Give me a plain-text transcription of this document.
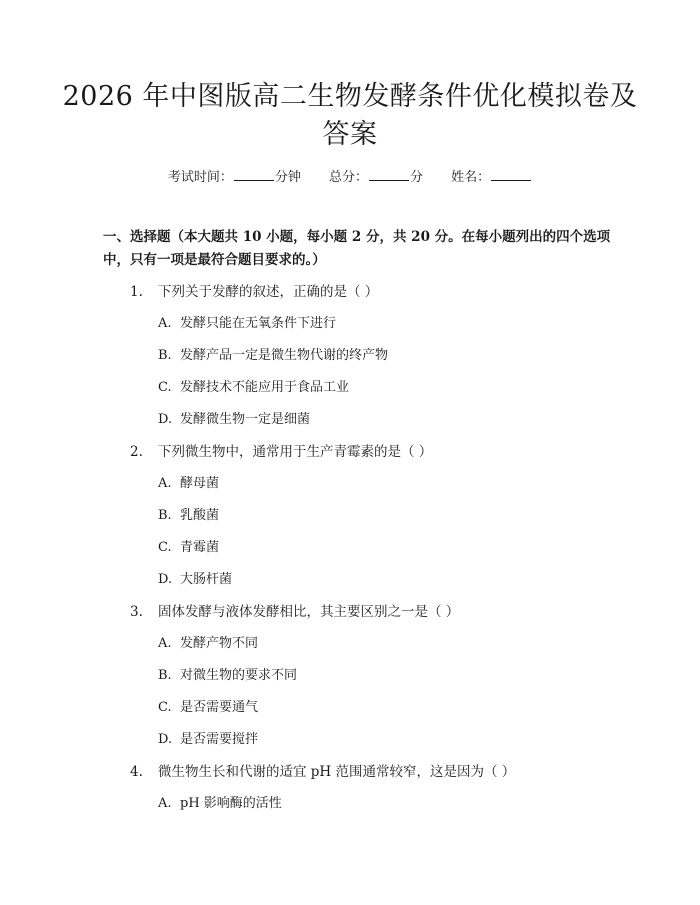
2026 年中图版高二生物发酵条件优化模拟卷及答案
考试时间：	分钟 总分：	分 姓名：
一、选择题（本大题共 10 小题，每小题 2 分，共 20 分。在每小题列出的四个选项中，只有一项是最符合题目要求的。）
1. 下列关于发酵的叙述，正确的是（ ）
A. 发酵只能在无氧条件下进行
B. 发酵产品一定是微生物代谢的终产物
C. 发酵技术不能应用于食品工业
D. 发酵微生物一定是细菌
2. 下列微生物中，通常用于生产青霉素的是（ ）
A. 酵母菌
B. 乳酸菌
C. 青霉菌
D. 大肠杆菌
3. 固体发酵与液体发酵相比，其主要区别之一是（ ）
A. 发酵产物不同
B. 对微生物的要求不同
C. 是否需要通气
D. 是否需要搅拌
4. 微生物生长和代谢的适宜 pH 范围通常较窄，这是因为（ ）
A. pH 影响酶的活性
